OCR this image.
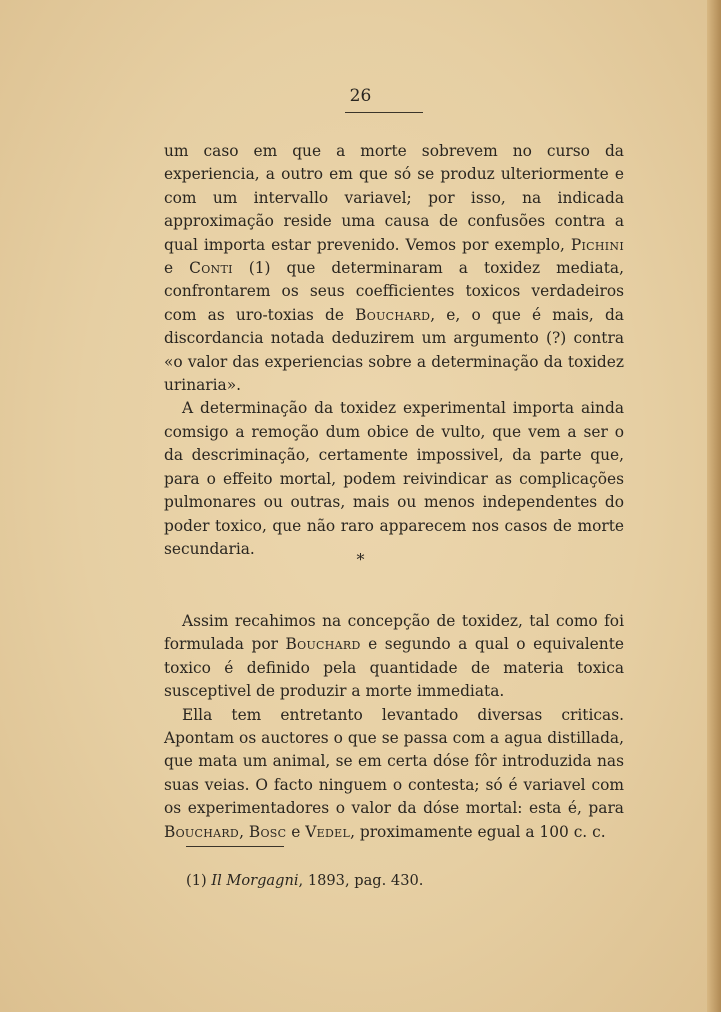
26

um caso em que a morte sobrevem no curso da experiencia, a outro em que só se produz ulteriormente e com um intervallo variavel; por isso, na indicada approximação reside uma causa de confusões contra a qual importa estar prevenido. Vemos por exemplo, Pichini e Conti (1) que determinaram a toxidez mediata, confrontarem os seus coefficientes toxicos verdadeiros com as uro-toxias de Bouchard, e, o que é mais, da discordancia notada deduzirem um argumento (?) contra «o valor das experiencias sobre a determinação da toxidez urinaria».

A determinação da toxidez experimental importa ainda comsigo a remoção dum obice de vulto, que vem a ser o da descriminação, certamente impossivel, da parte que, para o effeito mortal, podem reivindicar as complicações pulmonares ou outras, mais ou menos independentes do poder toxico, que não raro apparecem nos casos de morte secundaria.

*

Assim recahimos na concepção de toxidez, tal como foi formulada por Bouchard e segundo a qual o equivalente toxico é definido pela quantidade de materia toxica susceptivel de produzir a morte immediata.

Ella tem entretanto levantado diversas criticas. Apontam os auctores o que se passa com a agua distillada, que mata um animal, se em certa dóse fôr introduzida nas suas veias. O facto ninguem o contesta; só é variavel com os experimentadores o valor da dóse mortal: esta é, para Bouchard, Bosc e Vedel, proximamente egual a 100 c. c.

(1) Il Morgagni, 1893, pag. 430.
